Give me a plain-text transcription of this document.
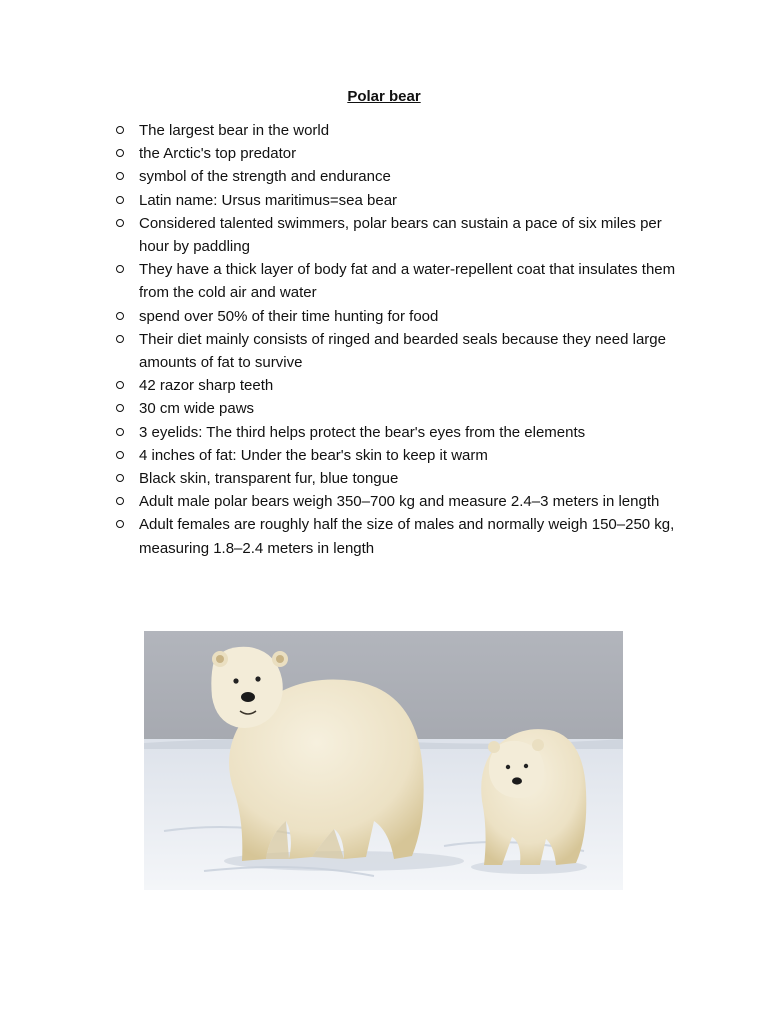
Polar bear
The largest bear in the world
the Arctic's top predator
symbol of the strength and endurance
Latin name: Ursus maritimus=sea bear
Considered talented swimmers, polar bears can sustain a pace of six miles per hour by paddling
They have a thick layer of body fat and a water-repellent coat that insulates them from the cold air and water
spend over 50% of their time hunting for food
Their diet mainly consists of ringed and bearded seals because they need large amounts of fat to survive
42 razor sharp teeth
30 cm wide paws
3 eyelids: The third helps protect the bear's eyes from the elements
4 inches of fat: Under the bear's skin to keep it warm
Black skin, transparent fur, blue tongue
Adult male polar bears weigh 350–700 kg and measure 2.4–3 meters in length
Adult females are roughly half the size of males and normally weigh 150–250 kg, measuring 1.8–2.4 meters in length
